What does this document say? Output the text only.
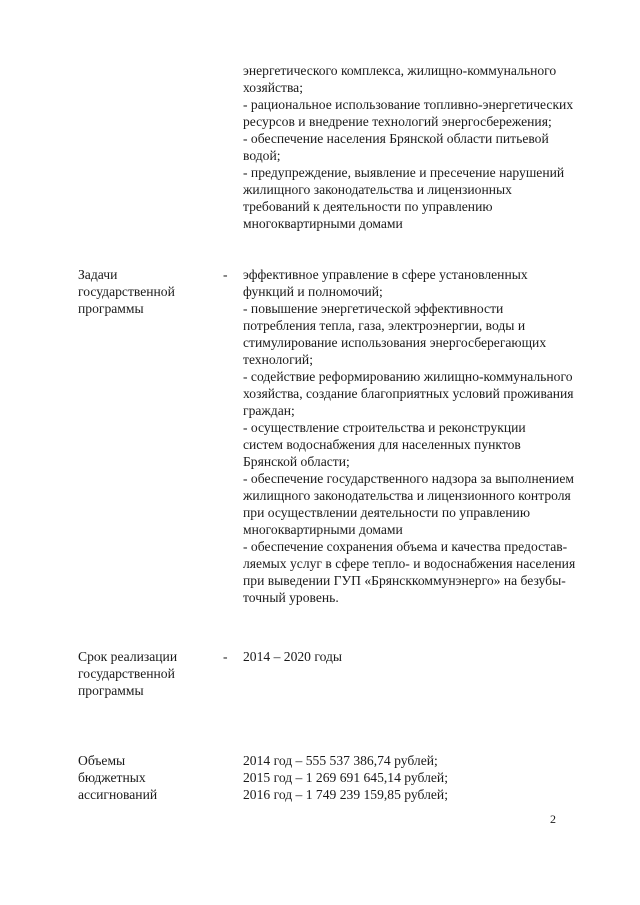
энергетического комплекса, жилищно-коммунального
хозяйства;
- рациональное использование топливно-энергетических
ресурсов и внедрение технологий энергосбережения;
- обеспечение населения Брянской области питьевой
водой;
- предупреждение, выявление и пресечение нарушений
жилищного законодательства и лицензионных
требований к деятельности по управлению
многоквартирными домами
Задачи
государственной
программы
- эффективное управление в сфере установленных
функций и полномочий;
- повышение энергетической эффективности
потребления тепла, газа, электроэнергии, воды и
стимулирование использования энергосберегающих
технологий;
- содействие реформированию жилищно-коммунального
хозяйства, создание благоприятных условий проживания
граждан;
- осуществление строительства и реконструкции
систем водоснабжения для населенных пунктов
Брянской области;
- обеспечение государственного надзора за выполнением
жилищного законодательства и лицензионного контроля
при осуществлении деятельности по управлению
многоквартирными домами
- обеспечение сохранения объема и качества предостав-
ляемых услуг в сфере тепло- и водоснабжения населения
при выведении ГУП «Брянсккоммунэнерго» на безубы-
точный уровень.
Срок реализации
государственной
программы
- 2014 – 2020 годы
Объемы
бюджетных
ассигнований
2014 год – 555 537 386,74 рублей;
2015 год – 1 269 691 645,14 рублей;
2016 год – 1 749 239 159,85 рублей;
2
